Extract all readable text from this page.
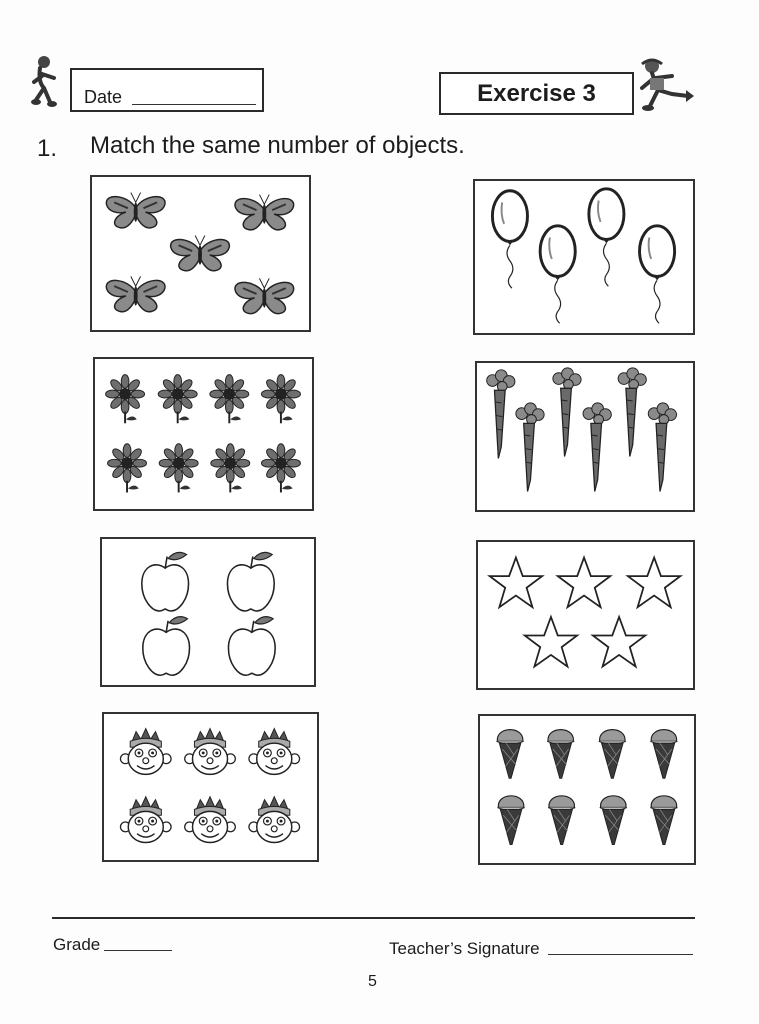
Date	Exercise 3
1. Match the same number of objects.
Grade	Teacher’s Signature
5
